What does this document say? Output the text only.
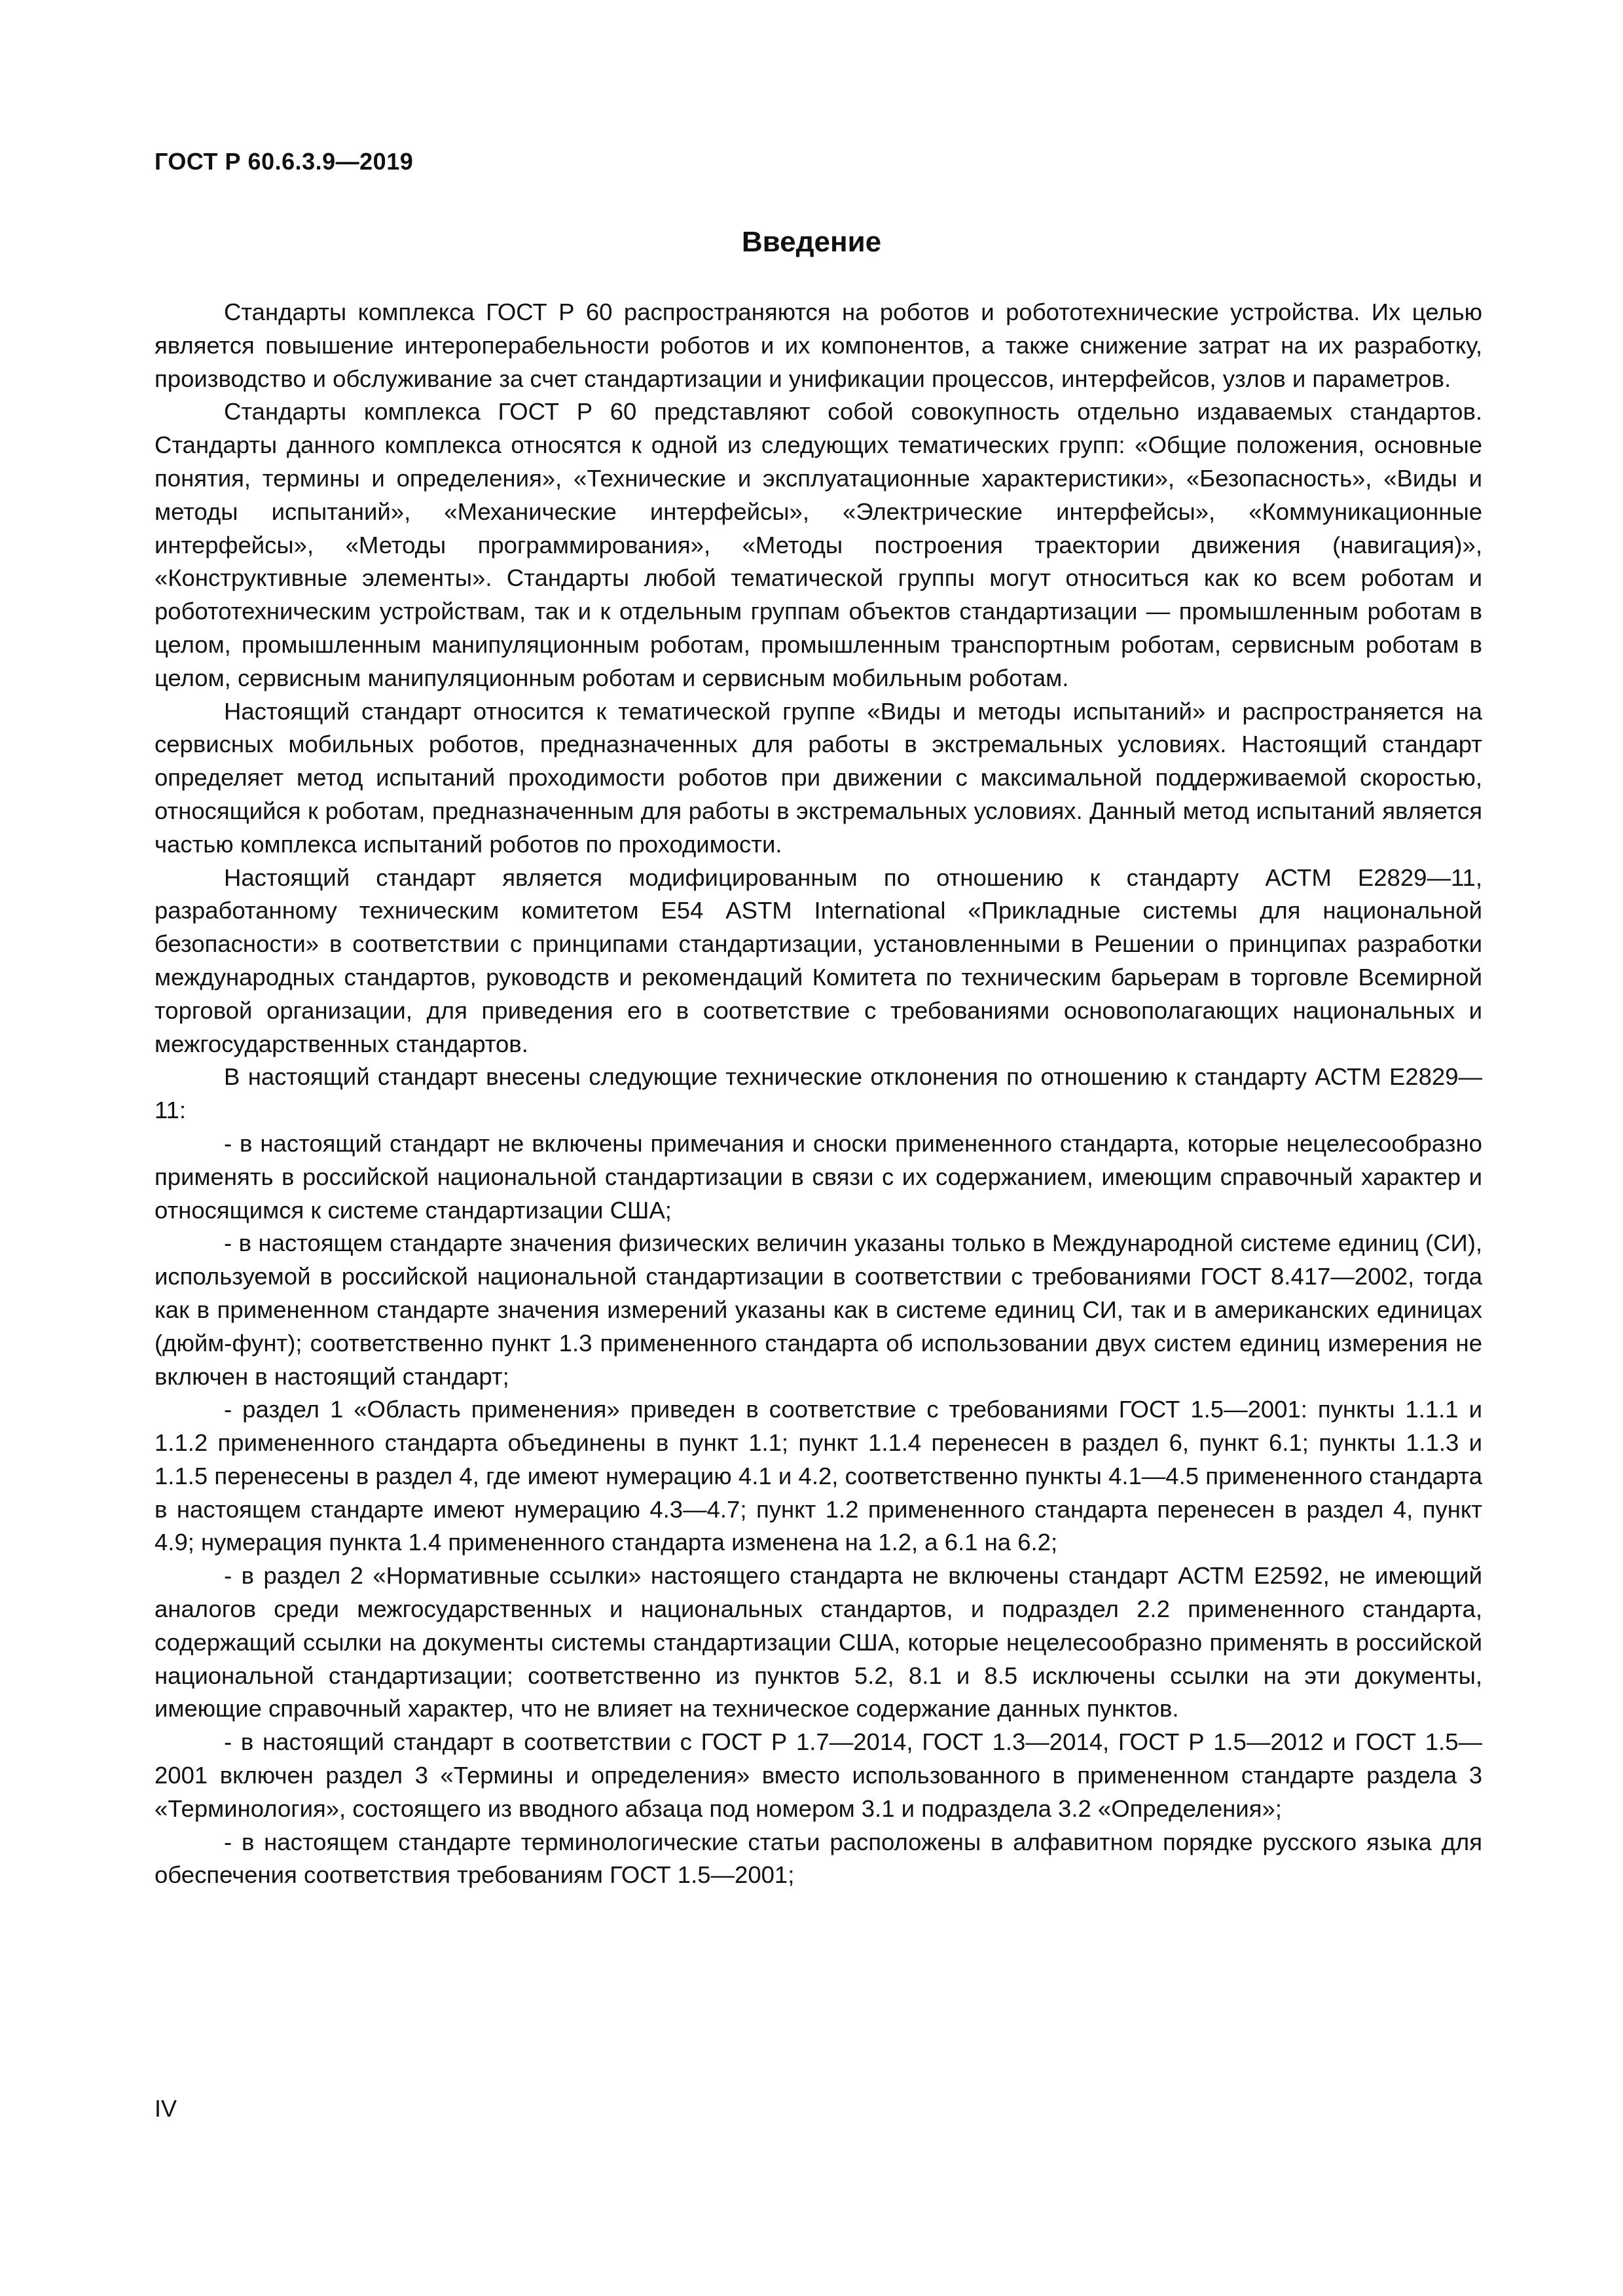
ГОСТ Р 60.6.3.9—2019
Введение

Стандарты комплекса ГОСТ Р 60 распространяются на роботов и робототехнические устройства. Их целью является повышение интероперабельности роботов и их компонентов, а также снижение затрат на их разработку, производство и обслуживание за счет стандартизации и унификации процессов, интерфейсов, узлов и параметров.

Стандарты комплекса ГОСТ Р 60 представляют собой совокупность отдельно издаваемых стандартов. Стандарты данного комплекса относятся к одной из следующих тематических групп: «Общие положения, основные понятия, термины и определения», «Технические и эксплуатационные характеристики», «Безопасность», «Виды и методы испытаний», «Механические интерфейсы», «Электрические интерфейсы», «Коммуникационные интерфейсы», «Методы программирования», «Методы построения траектории движения (навигация)», «Конструктивные элементы». Стандарты любой тематической группы могут относиться как ко всем роботам и робототехническим устройствам, так и к отдельным группам объектов стандартизации — промышленным роботам в целом, промышленным манипуляционным роботам, промышленным транспортным роботам, сервисным роботам в целом, сервисным манипуляционным роботам и сервисным мобильным роботам.

Настоящий стандарт относится к тематической группе «Виды и методы испытаний» и распространяется на сервисных мобильных роботов, предназначенных для работы в экстремальных условиях. Настоящий стандарт определяет метод испытаний проходимости роботов при движении с максимальной поддерживаемой скоростью, относящийся к роботам, предназначенным для работы в экстремальных условиях. Данный метод испытаний является частью комплекса испытаний роботов по проходимости.

Настоящий стандарт является модифицированным по отношению к стандарту АСТМ Е2829—11, разработанному техническим комитетом Е54 ASTM International «Прикладные системы для национальной безопасности» в соответствии с принципами стандартизации, установленными в Решении о принципах разработки международных стандартов, руководств и рекомендаций Комитета по техническим барьерам в торговле Всемирной торговой организации, для приведения его в соответствие с требованиями основополагающих национальных и межгосударственных стандартов.

В настоящий стандарт внесены следующие технические отклонения по отношению к стандарту АСТМ Е2829—11:

- в настоящий стандарт не включены примечания и сноски примененного стандарта, которые нецелесообразно применять в российской национальной стандартизации в связи с их содержанием, имеющим справочный характер и относящимся к системе стандартизации США;

- в настоящем стандарте значения физических величин указаны только в Международной системе единиц (СИ), используемой в российской национальной стандартизации в соответствии с требованиями ГОСТ 8.417—2002, тогда как в примененном стандарте значения измерений указаны как в системе единиц СИ, так и в американских единицах (дюйм-фунт); соответственно пункт 1.3 примененного стандарта об использовании двух систем единиц измерения не включен в настоящий стандарт;

- раздел 1 «Область применения» приведен в соответствие с требованиями ГОСТ 1.5—2001: пункты 1.1.1 и 1.1.2 примененного стандарта объединены в пункт 1.1; пункт 1.1.4 перенесен в раздел 6, пункт 6.1; пункты 1.1.3 и 1.1.5 перенесены в раздел 4, где имеют нумерацию 4.1 и 4.2, соответственно пункты 4.1—4.5 примененного стандарта в настоящем стандарте имеют нумерацию 4.3—4.7; пункт 1.2 примененного стандарта перенесен в раздел 4, пункт 4.9; нумерация пункта 1.4 примененного стандарта изменена на 1.2, а 6.1 на 6.2;

- в раздел 2 «Нормативные ссылки» настоящего стандарта не включены стандарт АСТМ Е2592, не имеющий аналогов среди межгосударственных и национальных стандартов, и подраздел 2.2 примененного стандарта, содержащий ссылки на документы системы стандартизации США, которые нецелесообразно применять в российской национальной стандартизации; соответственно из пунктов 5.2, 8.1 и 8.5 исключены ссылки на эти документы, имеющие справочный характер, что не влияет на техническое содержание данных пунктов.

- в настоящий стандарт в соответствии с ГОСТ Р 1.7—2014, ГОСТ 1.3—2014, ГОСТ Р 1.5—2012 и ГОСТ 1.5—2001 включен раздел 3 «Термины и определения» вместо использованного в примененном стандарте раздела 3 «Терминология», состоящего из вводного абзаца под номером 3.1 и подраздела 3.2 «Определения»;

- в настоящем стандарте терминологические статьи расположены в алфавитном порядке русского языка для обеспечения соответствия требованиям ГОСТ 1.5—2001;

IV
